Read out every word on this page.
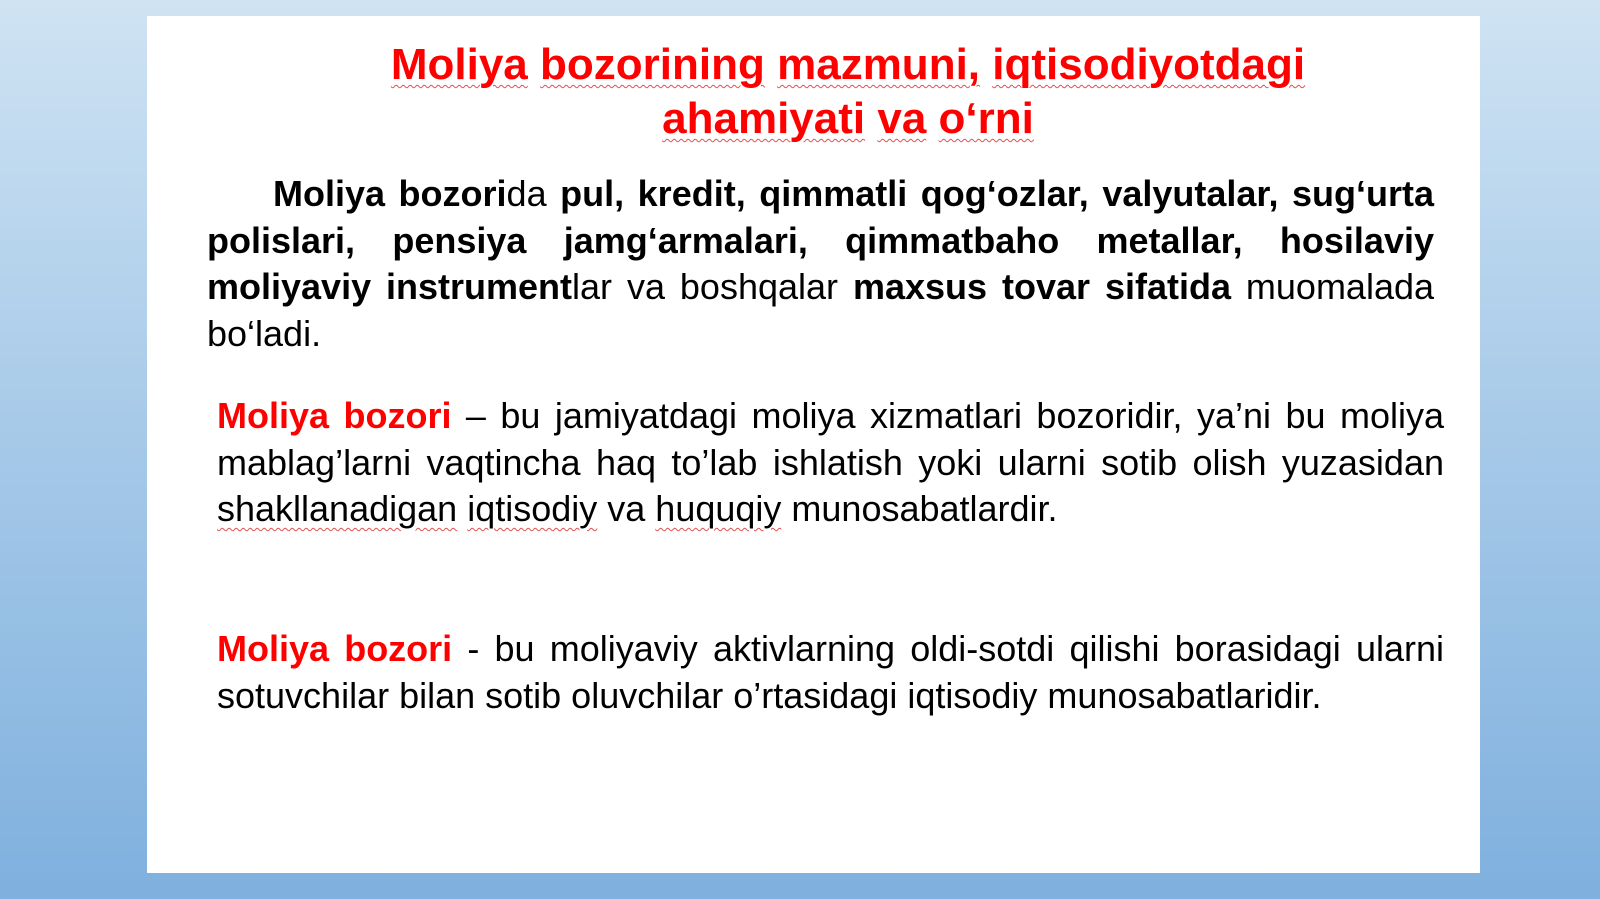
Moliya bozorining mazmuni, iqtisodiyotdagi
ahamiyati va o‘rni

Moliya bozorida pul, kredit, qimmatli qog‘ozlar, valyutalar, sug‘urta polislari, pensiya jamg‘armalari, qimmatbaho metallar, hosilaviy moliyaviy instrumentlar va boshqalar maxsus tovar sifatida muomalada bo‘ladi.

Moliya bozori – bu jamiyatdagi moliya xizmatlari bozoridir, ya’ni bu moliya mablag’larni vaqtincha haq to’lab ishlatish yoki ularni sotib olish yuzasidan shakllanadigan iqtisodiy va huquqiy munosabatlardir.

Moliya bozori - bu moliyaviy aktivlarning oldi-sotdi qilishi borasidagi ularni sotuvchilar bilan sotib oluvchilar o’rtasidagi iqtisodiy munosabatlaridir.
